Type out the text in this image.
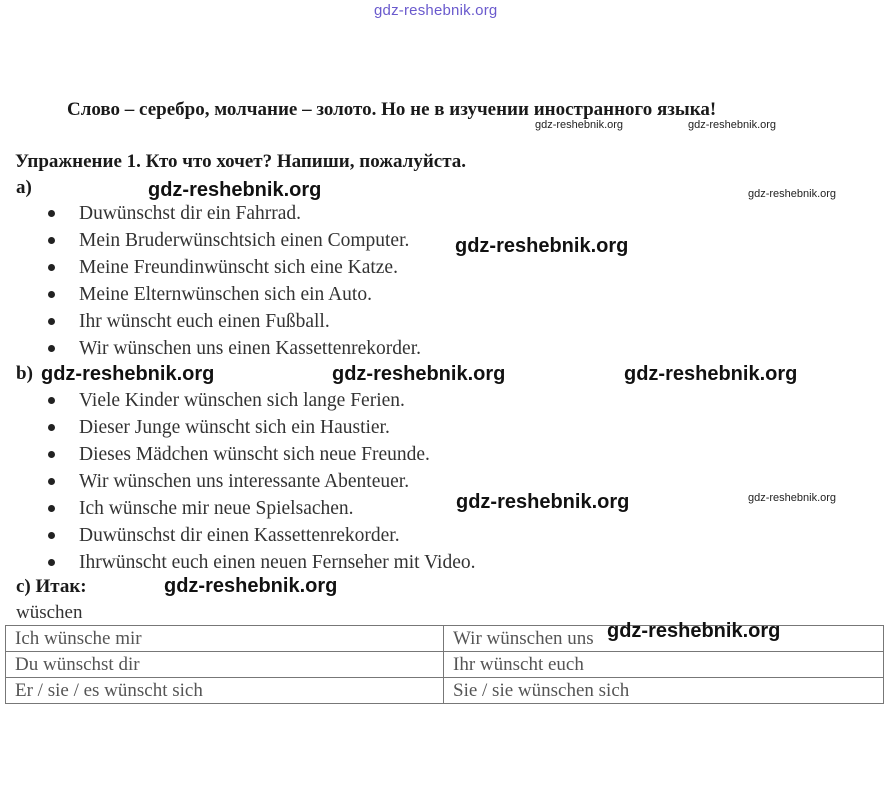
gdz-reshebnik.org
Слово – серебро, молчание – золото. Но не в изучении иностранного языка!
gdz-reshebnik.org	gdz-reshebnik.org
Упражнение 1. Кто что хочет? Напиши, пожалуйста.
a)	gdz-reshebnik.org	gdz-reshebnik.org
Duwünschst dir ein Fahrrad.
Mein Bruderwünschtsich einen Computer.
Meine Freundinwünscht sich eine Katze.
Meine Elternwünschen sich ein Auto.
Ihr wünscht euch einen Fußball.
Wir wünschen uns einen Kassettenrekorder.
gdz-reshebnik.org
b) gdz-reshebnik.org	gdz-reshebnik.org	gdz-reshebnik.org
Viele Kinder wünschen sich lange Ferien.
Dieser Junge wünscht sich ein Haustier.
Dieses Mädchen wünscht sich neue Freunde.
Wir wünschen uns interessante Abenteuer.
Ich wünsche mir neue Spielsachen.
Duwünschst dir einen Kassettenrekorder.
Ihrwünscht euch einen neuen Fernseher mit Video.
gdz-reshebnik.org	gdz-reshebnik.org
c) Итак:	gdz-reshebnik.org
wüschen
Ich wünsche mir	Wir wünschen uns
Du wünschst dir	Ihr wünscht euch
Er / sie / es wünscht sich	Sie / sie wünschen sich
gdz-reshebnik.org
